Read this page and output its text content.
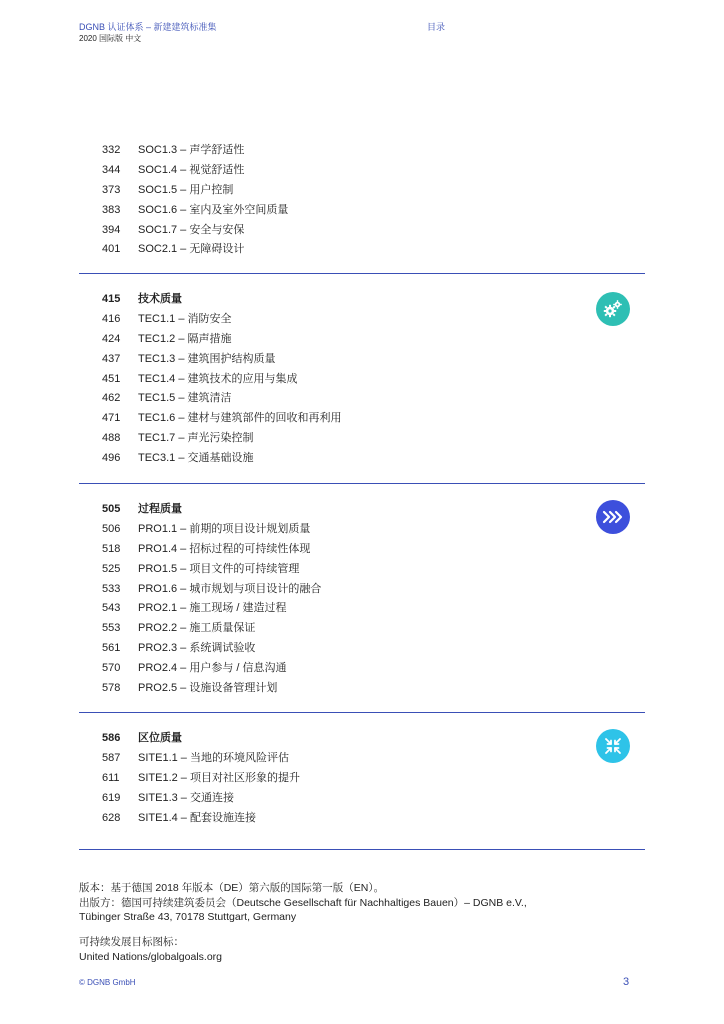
DGNB 认证体系 – 新建建筑标准集	目录
2020 国际版 中文
332	SOC1.3 – 声学舒适性
344	SOC1.4 – 视觉舒适性
373	SOC1.5 – 用户控制
383	SOC1.6 – 室内及室外空间质量
394	SOC1.7 – 安全与安保
401	SOC2.1 – 无障碍设计
415	技术质量
416	TEC1.1 – 消防安全
424	TEC1.2 – 隔声措施
437	TEC1.3 – 建筑围护结构质量
451	TEC1.4 – 建筑技术的应用与集成
462	TEC1.5 – 建筑清洁
471	TEC1.6 – 建材与建筑部件的回收和再利用
488	TEC1.7 – 声光污染控制
496	TEC3.1 – 交通基础设施
505	过程质量
506	PRO1.1 – 前期的项目设计规划质量
518	PRO1.4 – 招标过程的可持续性体现
525	PRO1.5 – 项目文件的可持续管理
533	PRO1.6 – 城市规划与项目设计的融合
543	PRO2.1 – 施工现场 / 建造过程
553	PRO2.2 – 施工质量保证
561	PRO2.3 – 系统调试验收
570	PRO2.4 – 用户参与 / 信息沟通
578	PRO2.5 – 设施设备管理计划
586	区位质量
587	SITE1.1 – 当地的环境风险评估
611	SITE1.2 – 项目对社区形象的提升
619	SITE1.3 – 交通连接
628	SITE1.4 – 配套设施连接
版本：基于德国 2018 年版本（DE）第六版的国际第一版（EN）。
出版方：德国可持续建筑委员会（Deutsche Gesellschaft für Nachhaltiges Bauen）– DGNB e.V.,
Tübinger Straße 43, 70178 Stuttgart, Germany
可持续发展目标图标：
United Nations/globalgoals.org
© DGNB GmbH	3
